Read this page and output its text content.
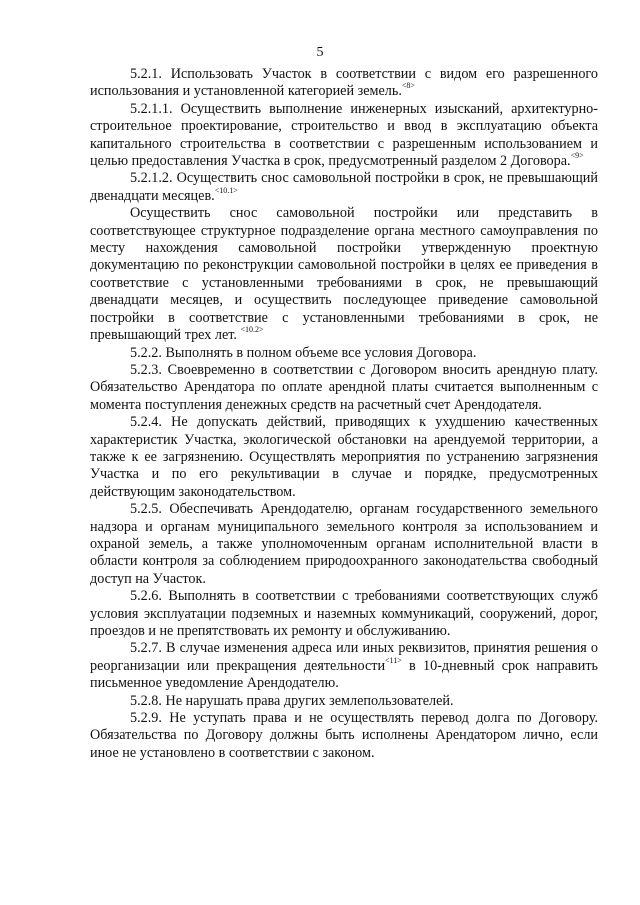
5

5.2.1. Использовать Участок в соответствии с видом его разрешенного использования и установленной категорией земель.$^{<8>}$

5.2.1.1. Осуществить выполнение инженерных изысканий, архитектурно-строительное проектирование, строительство и ввод в эксплуатацию объекта капитального строительства в соответствии с разрешенным использованием и целью предоставления Участка в срок, предусмотренный разделом 2 Договора.$^{<9>}$

5.2.1.2. Осуществить снос самовольной постройки в срок, не превышающий двенадцати месяцев.$^{<10.1>}$

Осуществить снос самовольной постройки или представить в соответствующее структурное подразделение органа местного самоуправления по месту нахождения самовольной постройки утвержденную проектную документацию по реконструкции самовольной постройки в целях ее приведения в соответствие с установленными требованиями в срок, не превышающий двенадцати месяцев, и осуществить последующее приведение самовольной постройки в соответствие с установленными требованиями в срок, не превышающий трех лет. $^{<10.2>}$

5.2.2. Выполнять в полном объеме все условия Договора.

5.2.3. Своевременно в соответствии с Договором вносить арендную плату. Обязательство Арендатора по оплате арендной платы считается выполненным с момента поступления денежных средств на расчетный счет Арендодателя.

5.2.4. Не допускать действий, приводящих к ухудшению качественных характеристик Участка, экологической обстановки на арендуемой территории, а также к ее загрязнению. Осуществлять мероприятия по устранению загрязнения Участка и по его рекультивации в случае и порядке, предусмотренных действующим законодательством.

5.2.5. Обеспечивать Арендодателю, органам государственного земельного надзора и органам муниципального земельного контроля за использованием и охраной земель, а также уполномоченным органам исполнительной власти в области контроля за соблюдением природоохранного законодательства свободный доступ на Участок.

5.2.6. Выполнять в соответствии с требованиями соответствующих служб условия эксплуатации подземных и наземных коммуникаций, сооружений, дорог, проездов и не препятствовать их ремонту и обслуживанию.

5.2.7. В случае изменения адреса или иных реквизитов, принятия решения о реорганизации или прекращения деятельности$^{<11>}$ в 10-дневный срок направить письменное уведомление Арендодателю.

5.2.8. Не нарушать права других землепользователей.

5.2.9. Не уступать права и не осуществлять перевод долга по Договору. Обязательства по Договору должны быть исполнены Арендатором лично, если иное не установлено в соответствии с законом.
